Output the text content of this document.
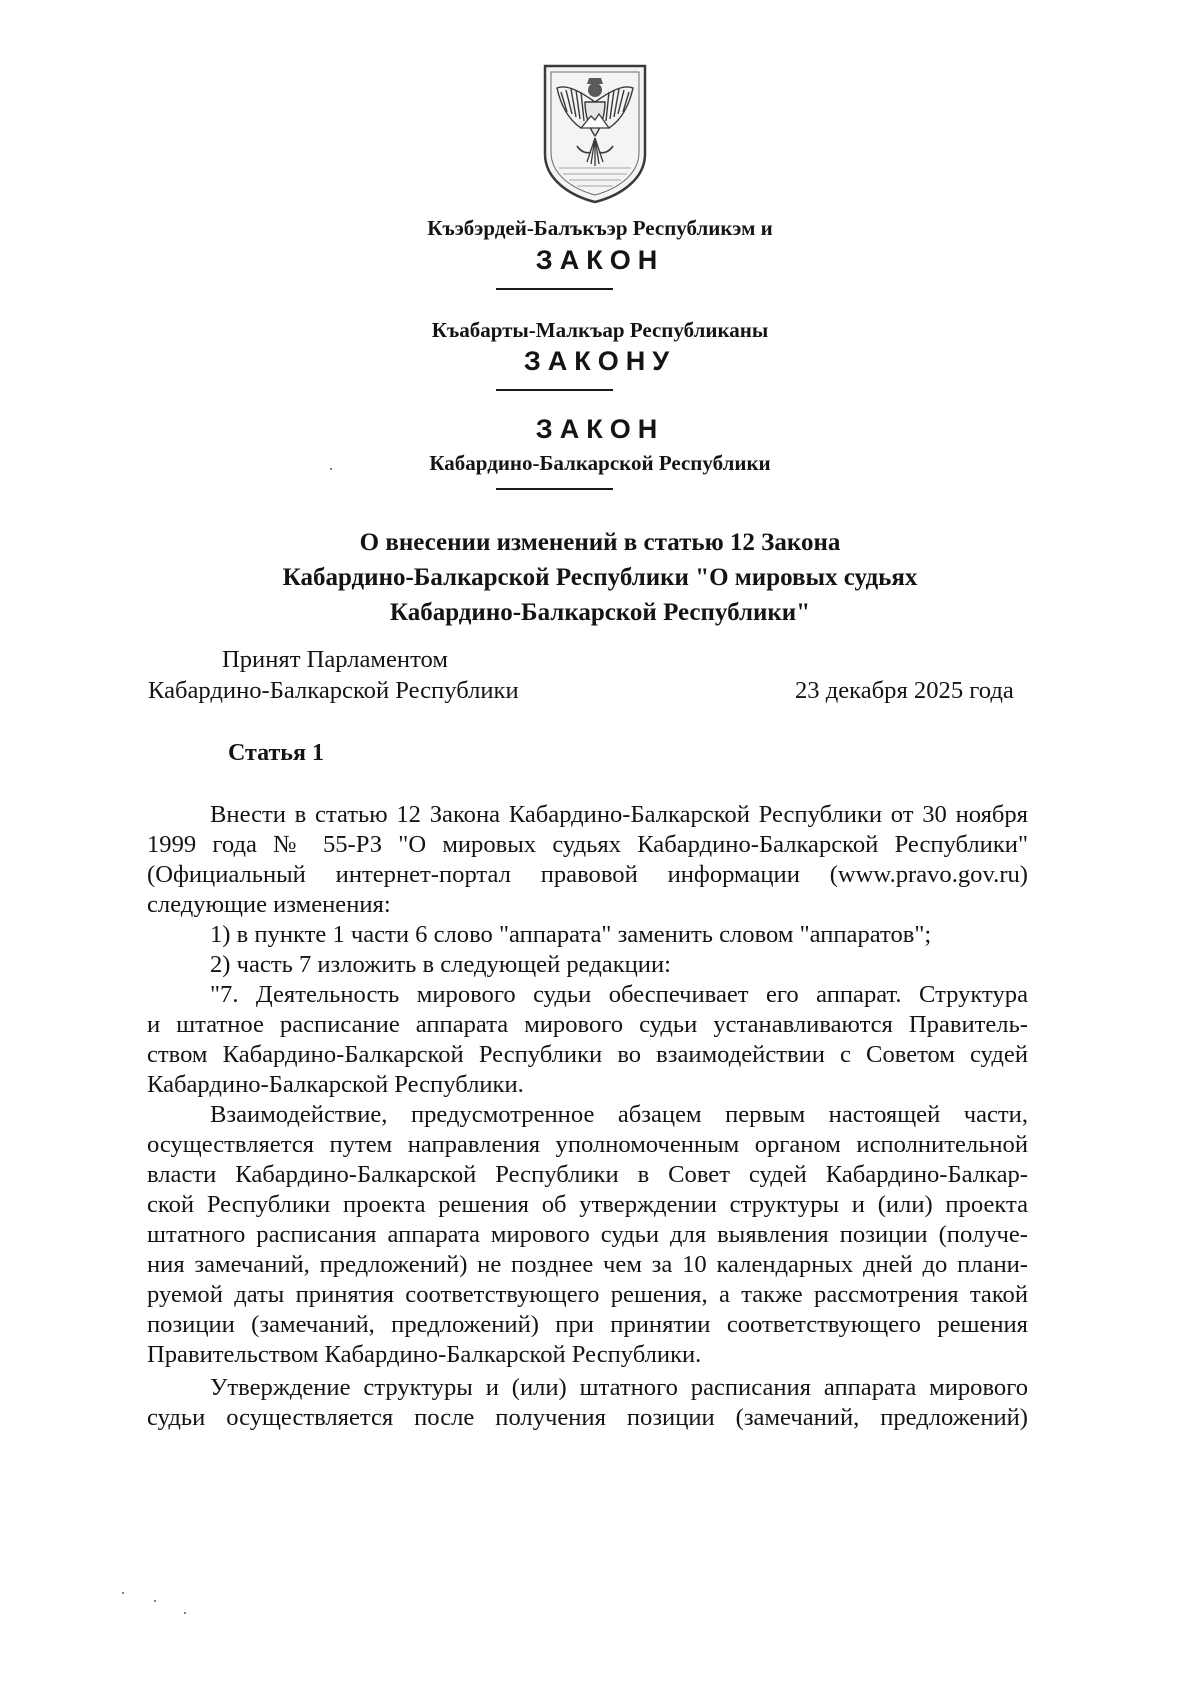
Къэбэрдей-Балъкъэр Республикэм и

ЗАКОН

Къабарты-Малкъар Республиканы

ЗАКОНУ

ЗАКОН

Кабардино-Балкарской Республики

О внесении изменений в статью 12 Закона
Кабардино-Балкарской Республики "О мировых судьях
Кабардино-Балкарской Республики"

Принят Парламентом

Кабардино-Балкарской Республики	23 декабря 2025 года

Статья 1

Внести в статью 12 Закона Кабардино-Балкарской Республики от 30 ноября

1999 года № 55-РЗ "О мировых судьях Кабардино-Балкарской Республики"

(Официальный интернет-портал правовой информации (www.pravo.gov.ru)

следующие изменения:

1) в пункте 1 части 6 слово "аппарата" заменить словом "аппаратов";

2) часть 7 изложить в следующей редакции:

"7. Деятельность мирового судьи обеспечивает его аппарат. Структура

и штатное расписание аппарата мирового судьи устанавливаются Правитель-

ством Кабардино-Балкарской Республики во взаимодействии с Советом судей

Кабардино-Балкарской Республики.

Взаимодействие, предусмотренное абзацем первым настоящей части,

осуществляется путем направления уполномоченным органом исполнительной

власти Кабардино-Балкарской Республики в Совет судей Кабардино-Балкар-

ской Республики проекта решения об утверждении структуры и (или) проекта

штатного расписания аппарата мирового судьи для выявления позиции (получе-

ния замечаний, предложений) не позднее чем за 10 календарных дней до плани-

руемой даты принятия соответствующего решения, а также рассмотрения такой

позиции (замечаний, предложений) при принятии соответствующего решения

Правительством Кабардино-Балкарской Республики.

Утверждение структуры и (или) штатного расписания аппарата мирового

судьи осуществляется после получения позиции (замечаний, предложений)
